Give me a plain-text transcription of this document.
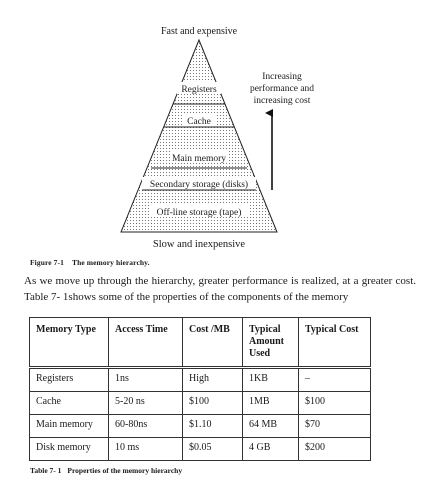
Fast and expensive
Registers
Cache
Main memory
Secondary storage (disks)
Off-line storage (tape)
Slow and inexpensive
Increasing
performance and
increasing cost
Figure 7-1 The memory hierarchy.
As we move up through the hierarchy, greater performance is realized, at a greater cost. Table 7- 1shows some of the properties of the components of the memory
Memory Type	Access Time	Cost /MB	Typical Amount Used	Typical Cost
Registers	1ns	High	1KB	–
Cache	5-20 ns	$100	1MB	$100
Main memory	60-80ns	$1.10	64 MB	$70
Disk memory	10 ms	$0.05	4 GB	$200
Table 7- 1 Properties of the memory hierarchy
